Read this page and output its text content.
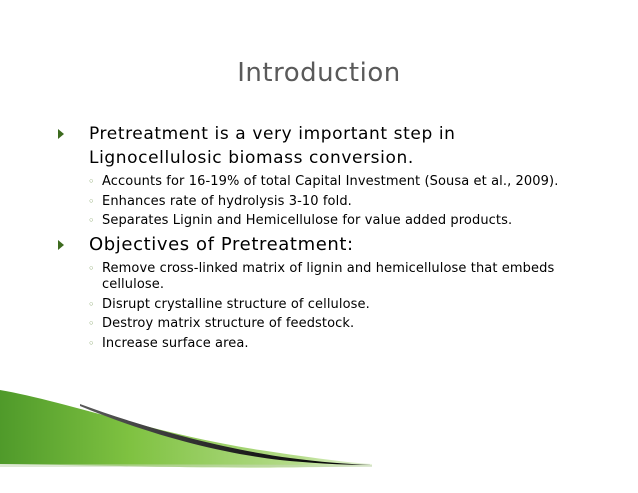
Introduction
Pretreatment is a very important step in Lignocellulosic biomass conversion.
◦ Accounts for 16-19% of total Capital Investment (Sousa et al., 2009).
◦ Enhances rate of hydrolysis 3-10 fold.
◦ Separates Lignin and Hemicellulose for value added products.
Objectives of Pretreatment:
◦ Remove cross-linked matrix of lignin and hemicellulose that embeds cellulose.
◦ Disrupt crystalline structure of cellulose.
◦ Destroy matrix structure of feedstock.
◦ Increase surface area.
